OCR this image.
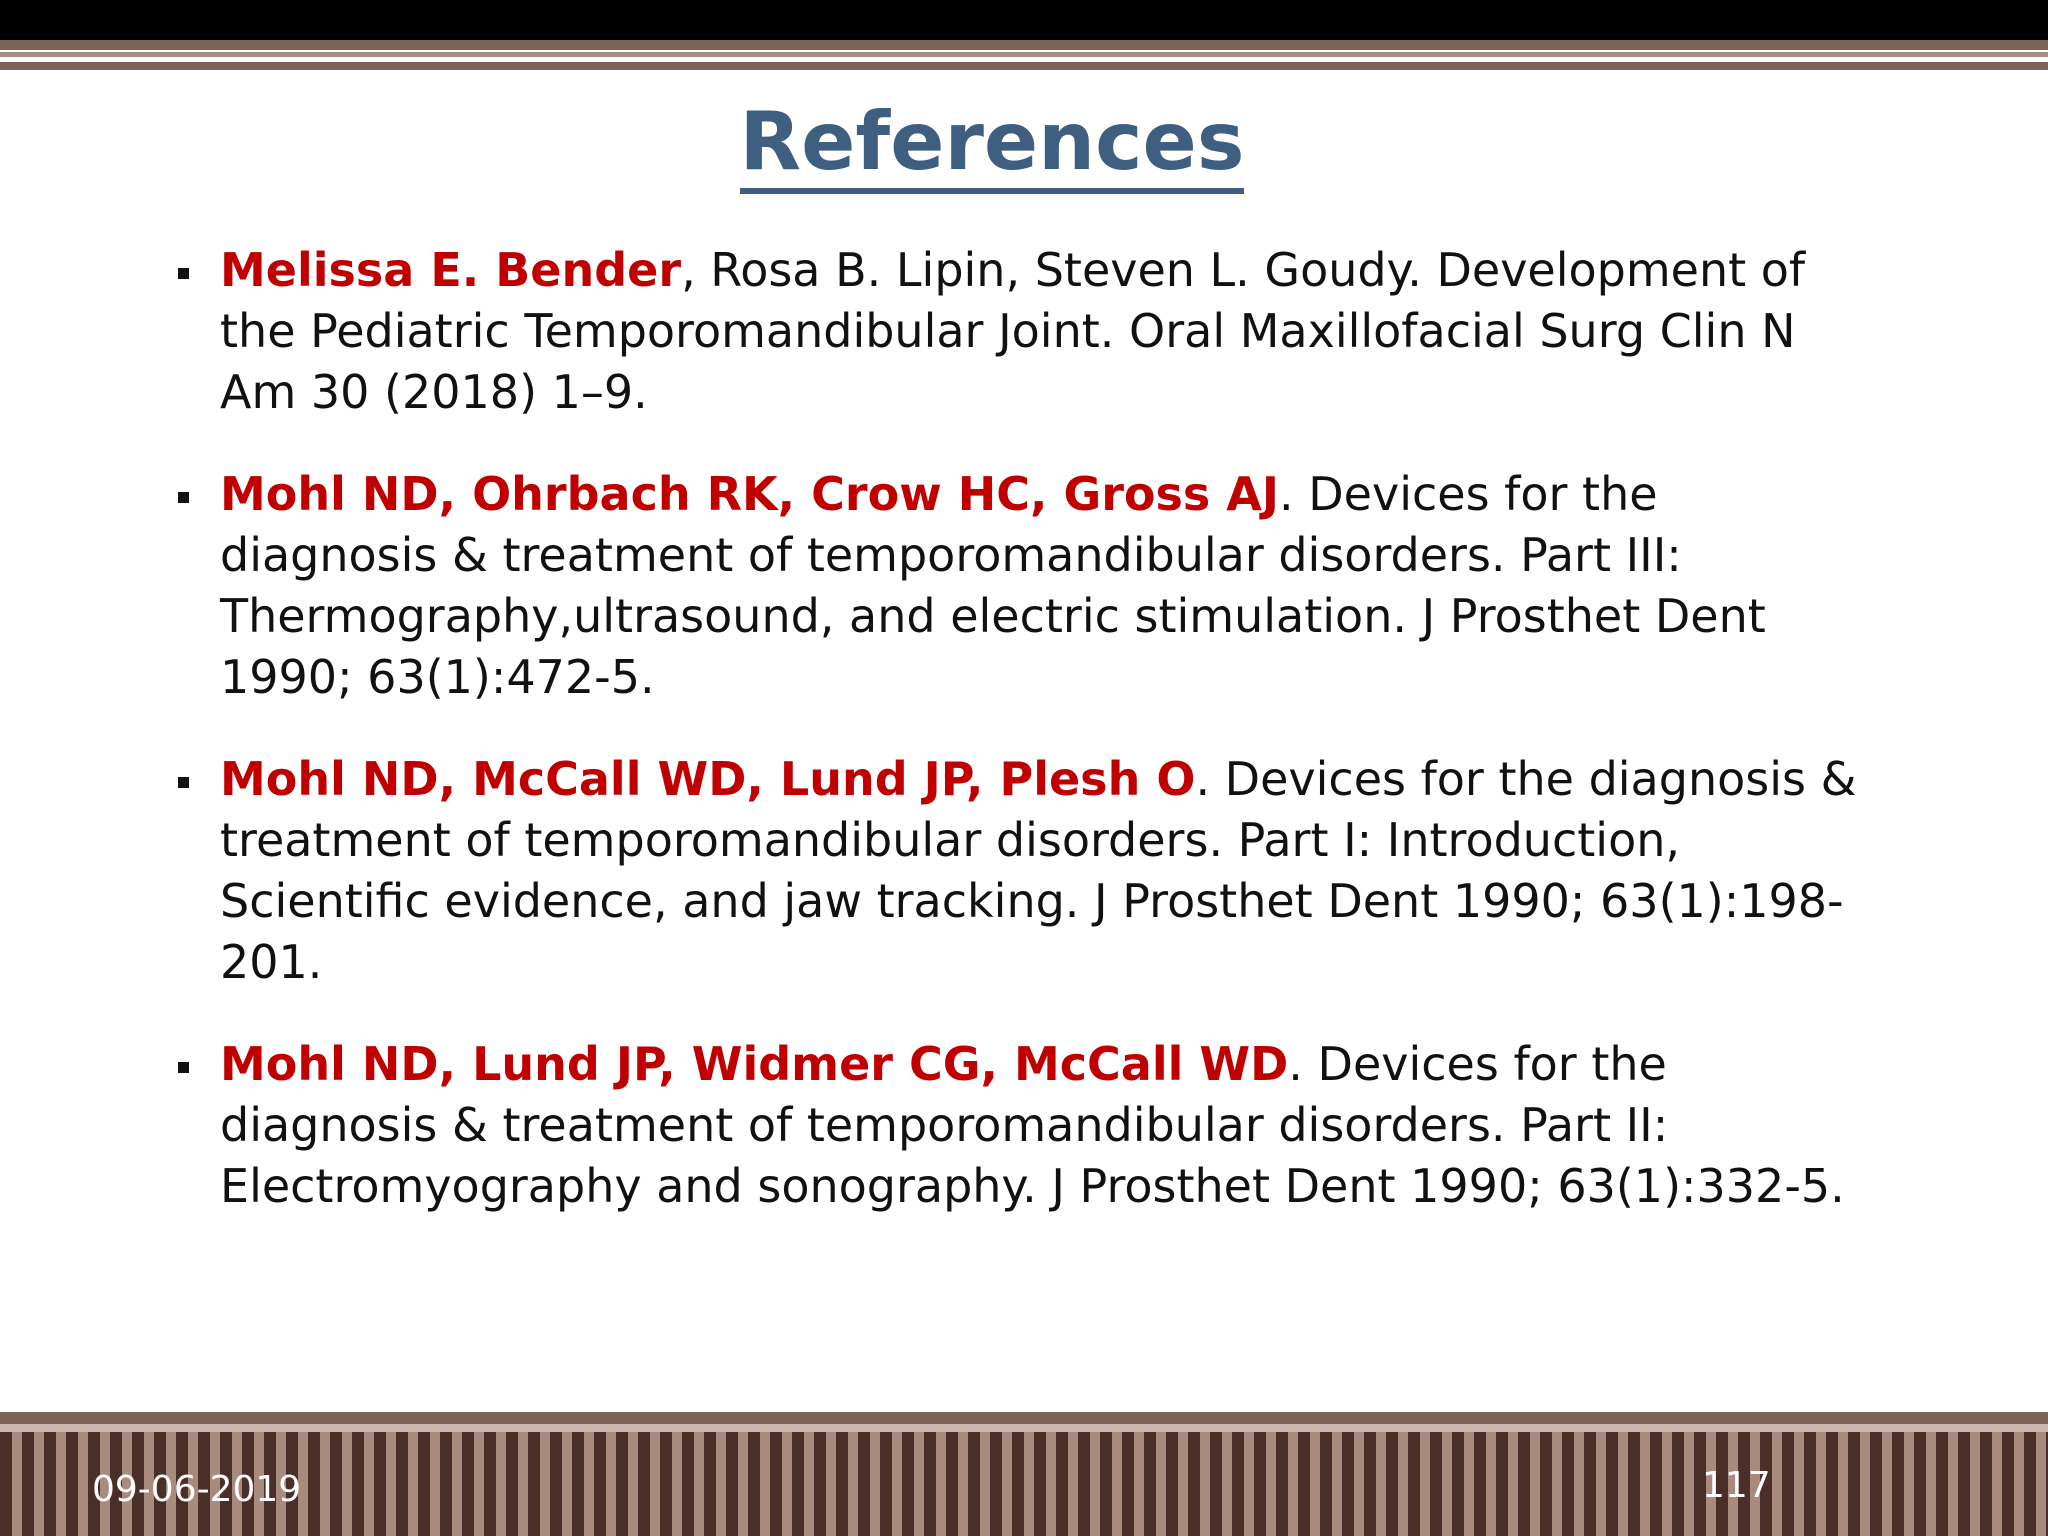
References
Melissa E. Bender, Rosa B. Lipin, Steven L. Goudy. Development of the Pediatric Temporomandibular Joint. Oral Maxillofacial Surg Clin N Am 30 (2018) 1–9.
Mohl ND, Ohrbach RK, Crow HC, Gross AJ. Devices for the diagnosis & treatment of temporomandibular disorders. Part III: Thermography,ultrasound, and electric stimulation. J Prosthet Dent 1990; 63(1):472-5.
Mohl ND, McCall WD, Lund JP, Plesh O. Devices for the diagnosis & treatment of temporomandibular disorders. Part I: Introduction, Scientific evidence, and jaw tracking. J Prosthet Dent 1990; 63(1):198-201.
Mohl ND, Lund JP, Widmer CG, McCall WD. Devices for the diagnosis & treatment of temporomandibular disorders. Part II: Electromyography and sonography. J Prosthet Dent 1990; 63(1):332-5.
09-06-2019	117
